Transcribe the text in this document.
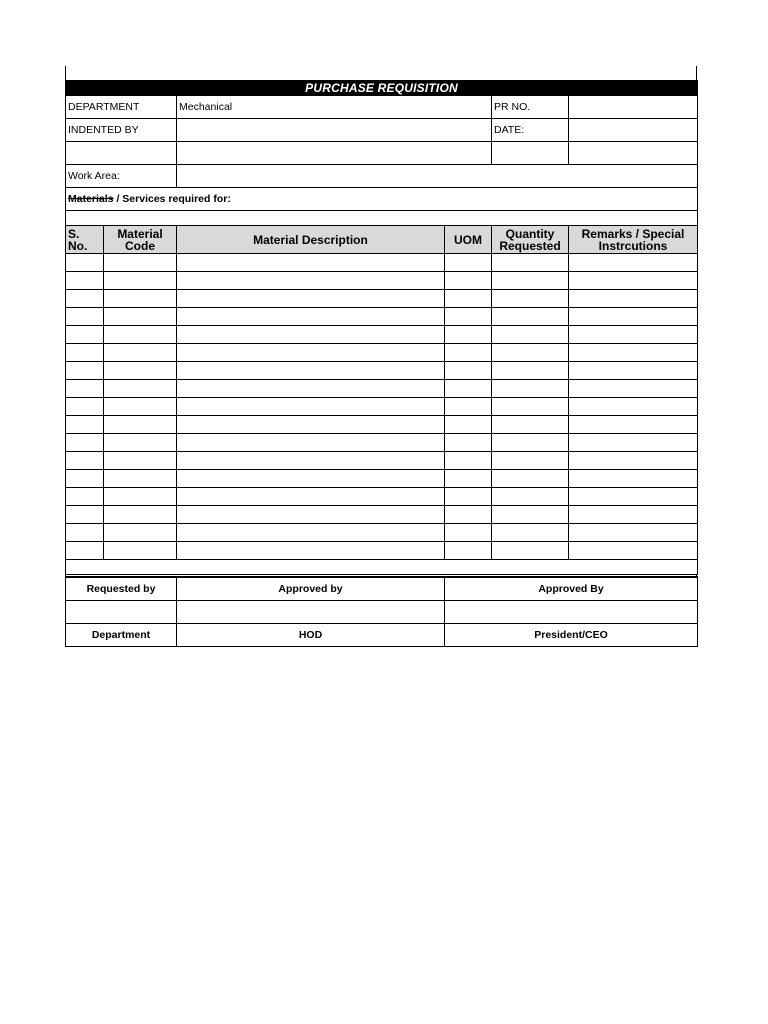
PURCHASE REQUISITION					
DEPARTMENT		Mechanical		PR NO.	
INDENTED BY				DATE:	

Work Area:					
Materials / Services required for:					

S. No.	Material Code	Material Description	UOM	Quantity Requested	Remarks / Special Instrcutions

Requested by	Approved by	Approved By

Department	HOD	President/CEO
